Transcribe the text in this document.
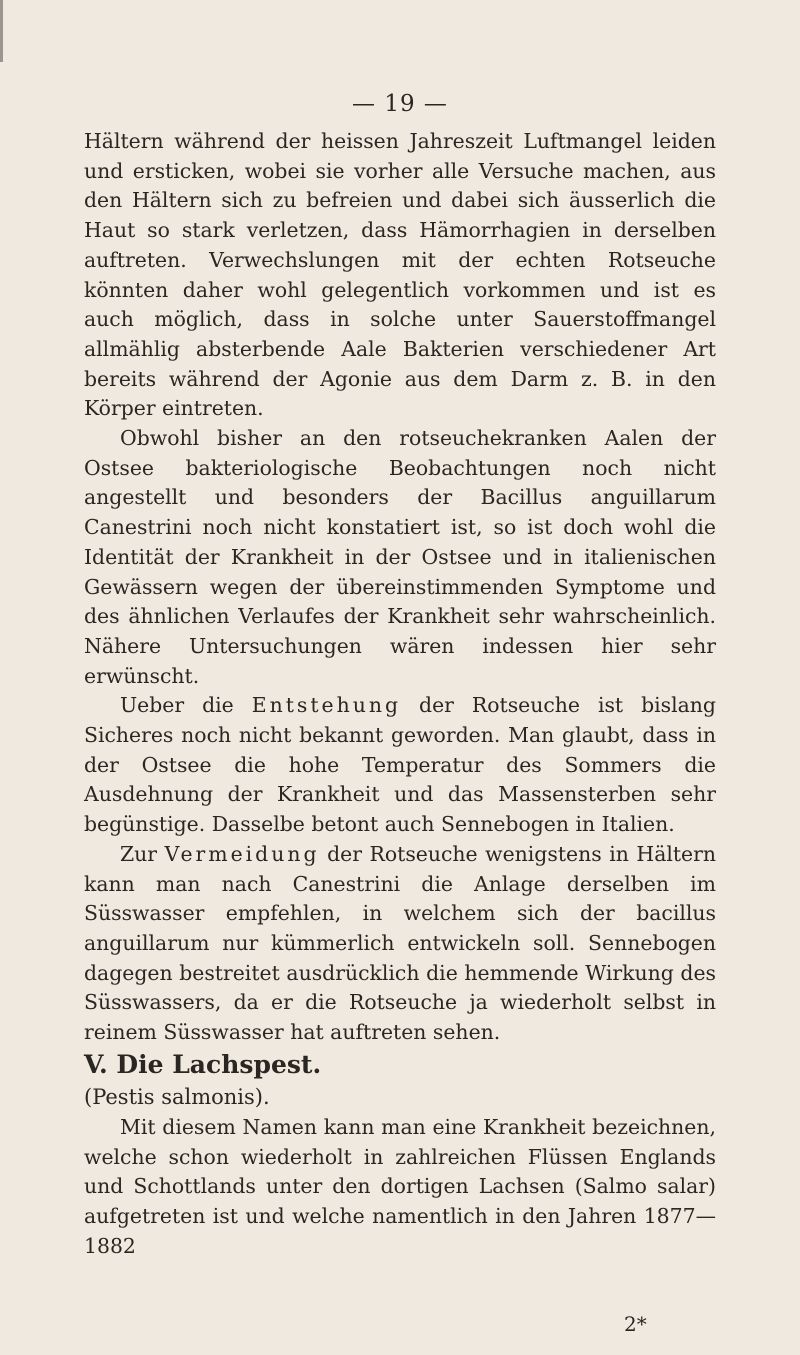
— 19 —

Hältern während der heissen Jahreszeit Luftmangel leiden und ersticken, wobei sie vorher alle Versuche machen, aus den Hältern sich zu befreien und dabei sich äusserlich die Haut so stark verletzen, dass Hämorrhagien in derselben auftreten. Verwechslungen mit der echten Rotseuche könnten daher wohl gelegentlich vorkommen und ist es auch möglich, dass in solche unter Sauerstoffmangel allmählig absterbende Aale Bakterien verschiedener Art bereits während der Agonie aus dem Darm z. B. in den Körper eintreten.

Obwohl bisher an den rotseuchekranken Aalen der Ostsee bakteriologische Beobachtungen noch nicht angestellt und besonders der Bacillus anguillarum Canestrini noch nicht konstatiert ist, so ist doch wohl die Identität der Krankheit in der Ostsee und in italienischen Gewässern wegen der übereinstimmenden Symptome und des ähnlichen Verlaufes der Krankheit sehr wahrscheinlich. Nähere Untersuchungen wären indessen hier sehr erwünscht.

Ueber die Entstehung der Rotseuche ist bislang Sicheres noch nicht bekannt geworden. Man glaubt, dass in der Ostsee die hohe Temperatur des Sommers die Ausdehnung der Krankheit und das Massensterben sehr begünstige. Dasselbe betont auch Sennebogen in Italien.

Zur Vermeidung der Rotseuche wenigstens in Hältern kann man nach Canestrini die Anlage derselben im Süsswasser empfehlen, in welchem sich der bacillus anguillarum nur kümmerlich entwickeln soll. Sennebogen dagegen bestreitet ausdrücklich die hemmende Wirkung des Süsswassers, da er die Rotseuche ja wiederholt selbst in reinem Süsswasser hat auftreten sehen.

V. Die Lachspest.

(Pestis salmonis).

Mit diesem Namen kann man eine Krankheit bezeichnen, welche schon wiederholt in zahlreichen Flüssen Englands und Schottlands unter den dortigen Lachsen (Salmo salar) aufgetreten ist und welche namentlich in den Jahren 1877—1882

2*
